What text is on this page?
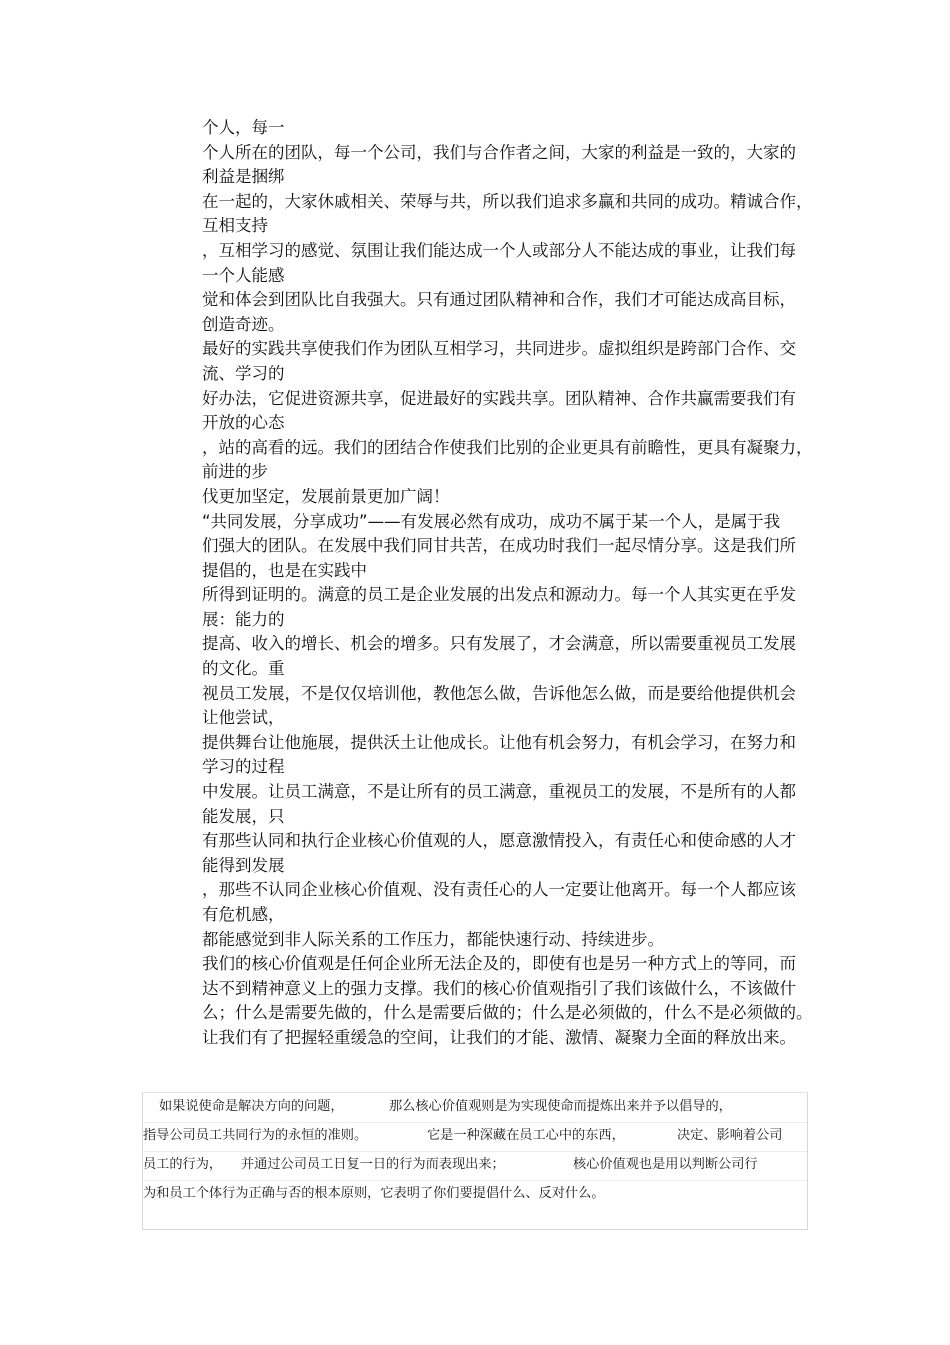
个人，每一
个人所在的团队，每一个公司，我们与合作者之间，大家的利益是一致的，大家的
利益是捆绑
在一起的，大家休戚相关、荣辱与共，所以我们追求多赢和共同的成功。精诚合作，
互相支持
，互相学习的感觉、氛围让我们能达成一个人或部分人不能达成的事业，让我们每
一个人能感
觉和体会到团队比自我强大。只有通过团队精神和合作，我们才可能达成高目标，
创造奇迹。
最好的实践共享使我们作为团队互相学习，共同进步。虚拟组织是跨部门合作、交
流、学习的
好办法，它促进资源共享，促进最好的实践共享。团队精神、合作共赢需要我们有
开放的心态
，站的高看的远。我们的团结合作使我们比别的企业更具有前瞻性，更具有凝聚力，
前进的步
伐更加坚定，发展前景更加广阔！
“共同发展，分享成功”——有发展必然有成功，成功不属于某一个人，是属于我
们强大的团队。在发展中我们同甘共苦，在成功时我们一起尽情分享。这是我们所
提倡的，也是在实践中
所得到证明的。满意的员工是企业发展的出发点和源动力。每一个人其实更在乎发
展：能力的
提高、收入的增长、机会的增多。只有发展了，才会满意，所以需要重视员工发展
的文化。重
视员工发展，不是仅仅培训他，教他怎么做，告诉他怎么做，而是要给他提供机会
让他尝试，
提供舞台让他施展，提供沃土让他成长。让他有机会努力，有机会学习，在努力和
学习的过程
中发展。让员工满意，不是让所有的员工满意，重视员工的发展，不是所有的人都
能发展，只
有那些认同和执行企业核心价值观的人，愿意激情投入，有责任心和使命感的人才
能得到发展
，那些不认同企业核心价值观、没有责任心的人一定要让他离开。每一个人都应该
有危机感，
都能感觉到非人际关系的工作压力，都能快速行动、持续进步。
我们的核心价值观是任何企业所无法企及的，即使有也是另一种方式上的等同，而
达不到精神意义上的强力支撑。我们的核心价值观指引了我们该做什么，不该做什
么；什么是需要先做的，什么是需要后做的；什么是必须做的，什么不是必须做的。
让我们有了把握轻重缓急的空间，让我们的才能、激情、凝聚力全面的释放出来。
如果说使命是解决方向的问题，	那么核心价值观则是为实现使命而提炼出来并予以倡导的，
指导公司员工共同行为的永恒的准则。	它是一种深藏在员工心中的东西，	决定、影响着公司
员工的行为， 并通过公司员工日复一日的行为而表现出来；	核心价值观也是用以判断公司行
为和员工个体行为正确与否的根本原则，它表明了你们要提倡什么、反对什么。
